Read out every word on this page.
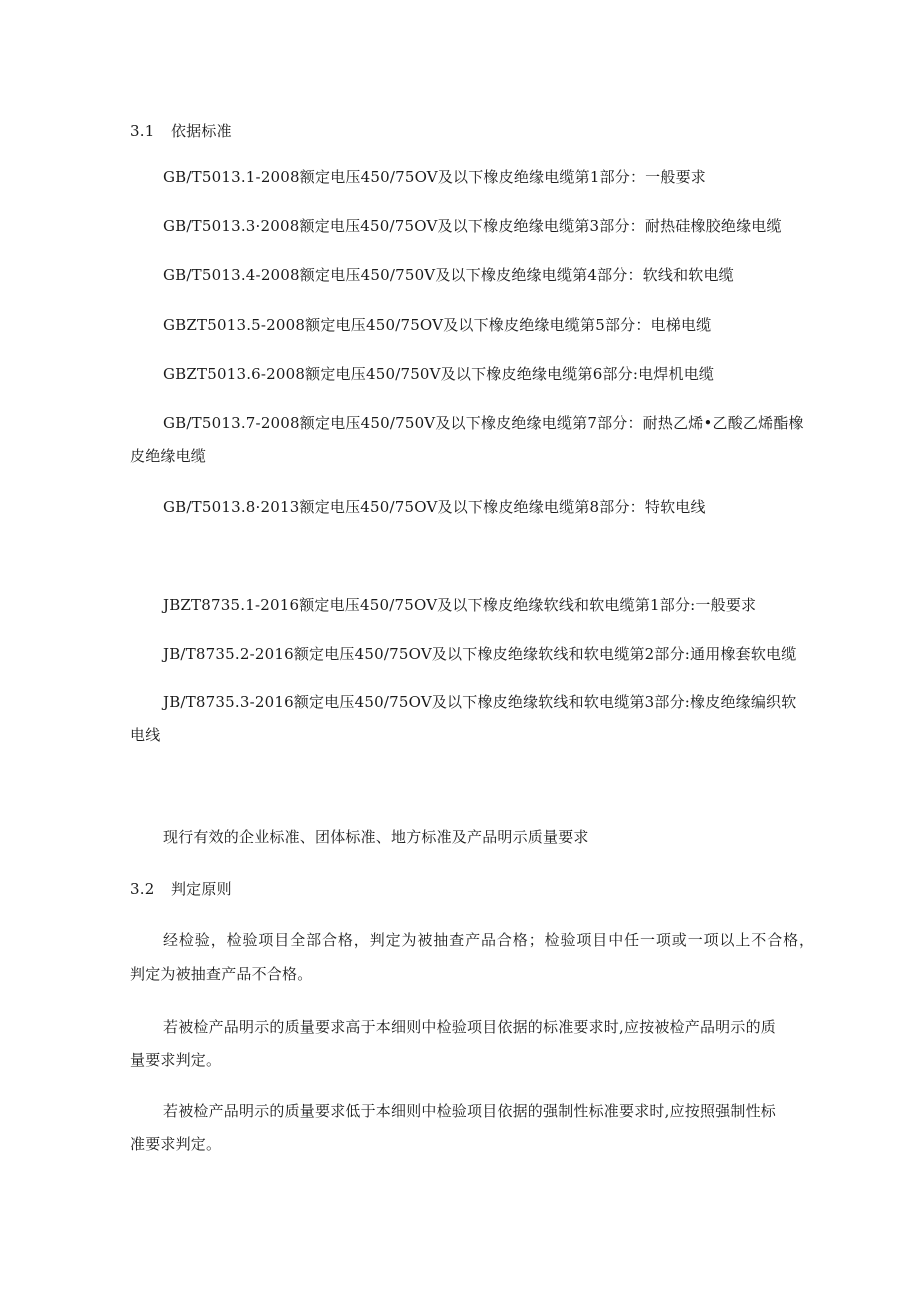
3.1 依据标准
GB/T5013.1-2008额定电压450/75OV及以下橡皮绝缘电缆第1部分：一般要求
GB/T5013.3·2008额定电压450/75OV及以下橡皮绝缘电缆第3部分：耐热硅橡胶绝缘电缆
GB/T5013.4-2008额定电压450/750V及以下橡皮绝缘电缆第4部分：软线和软电缆
GBZT5013.5-2008额定电压450/75OV及以下橡皮绝缘电缆第5部分：电梯电缆
GBZT5013.6-2008额定电压450/750V及以下橡皮绝缘电缆第6部分:电焊机电缆
GB/T5013.7-2008额定电压450/750V及以下橡皮绝缘电缆第7部分：耐热乙烯•乙酸乙烯酯橡
皮绝缘电缆
GB/T5013.8·2013额定电压450/75OV及以下橡皮绝缘电缆第8部分：特软电线
JBZT8735.1-2016额定电压450/75OV及以下橡皮绝缘软线和软电缆第1部分:一般要求
JB/T8735.2-2016额定电压450/75OV及以下橡皮绝缘软线和软电缆第2部分:通用橡套软电缆
JB/T8735.3-2016额定电压450/75OV及以下橡皮绝缘软线和软电缆第3部分:橡皮绝缘编织软
电线
现行有效的企业标准、团体标准、地方标准及产品明示质量要求
3.2 判定原则
经检验，检验项目全部合格，判定为被抽查产品合格；检验项目中任一项或一项以上不合格，
判定为被抽查产品不合格。
若被检产品明示的质量要求高于本细则中检验项目依据的标准要求时,应按被检产品明示的质
量要求判定。
若被检产品明示的质量要求低于本细则中检验项目依据的强制性标准要求时,应按照强制性标
准要求判定。
